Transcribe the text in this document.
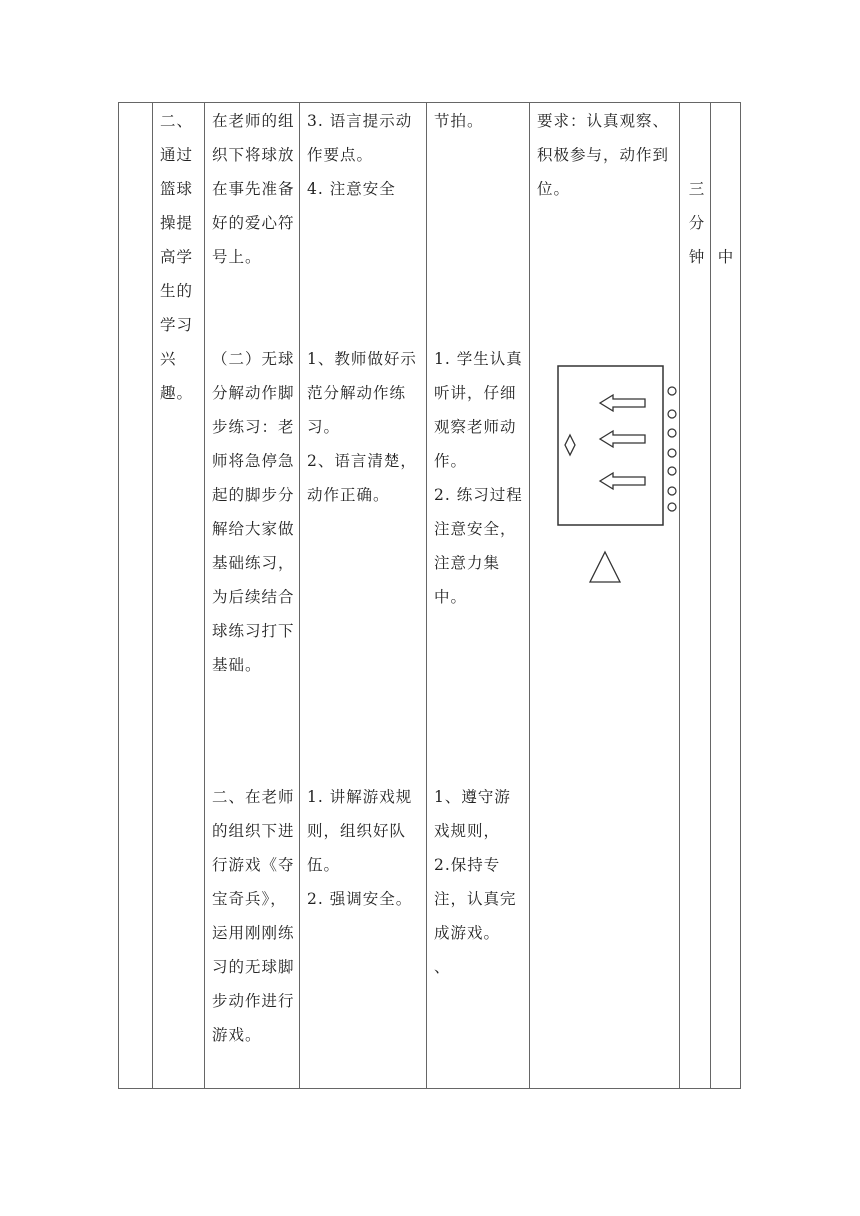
二、通过篮球操提高学生的学习兴趣。

在老师的组织下将球放在事先准备好的爱心符号上。

（二）无球分解动作脚步练习：老师将急停急起的脚步分解给大家做基础练习，为后续结合球练习打下基础。

二、在老师的组织下进行游戏《夺宝奇兵》，运用刚刚练习的无球脚步动作进行游戏。

3. 语言提示动作要点。

4. 注意安全

1、教师做好示范分解动作练习。

2、语言清楚，动作正确。

1. 讲解游戏规则，组织好队伍。

2. 强调安全。

节拍。

1. 学生认真听讲，仔细观察老师动作。

2. 练习过程注意安全，注意力集中。

1、遵守游戏规则，

2.保持专注，认真完成游戏。

、

要求：认真观察、积极参与，动作到位。	三

分

钟 中
